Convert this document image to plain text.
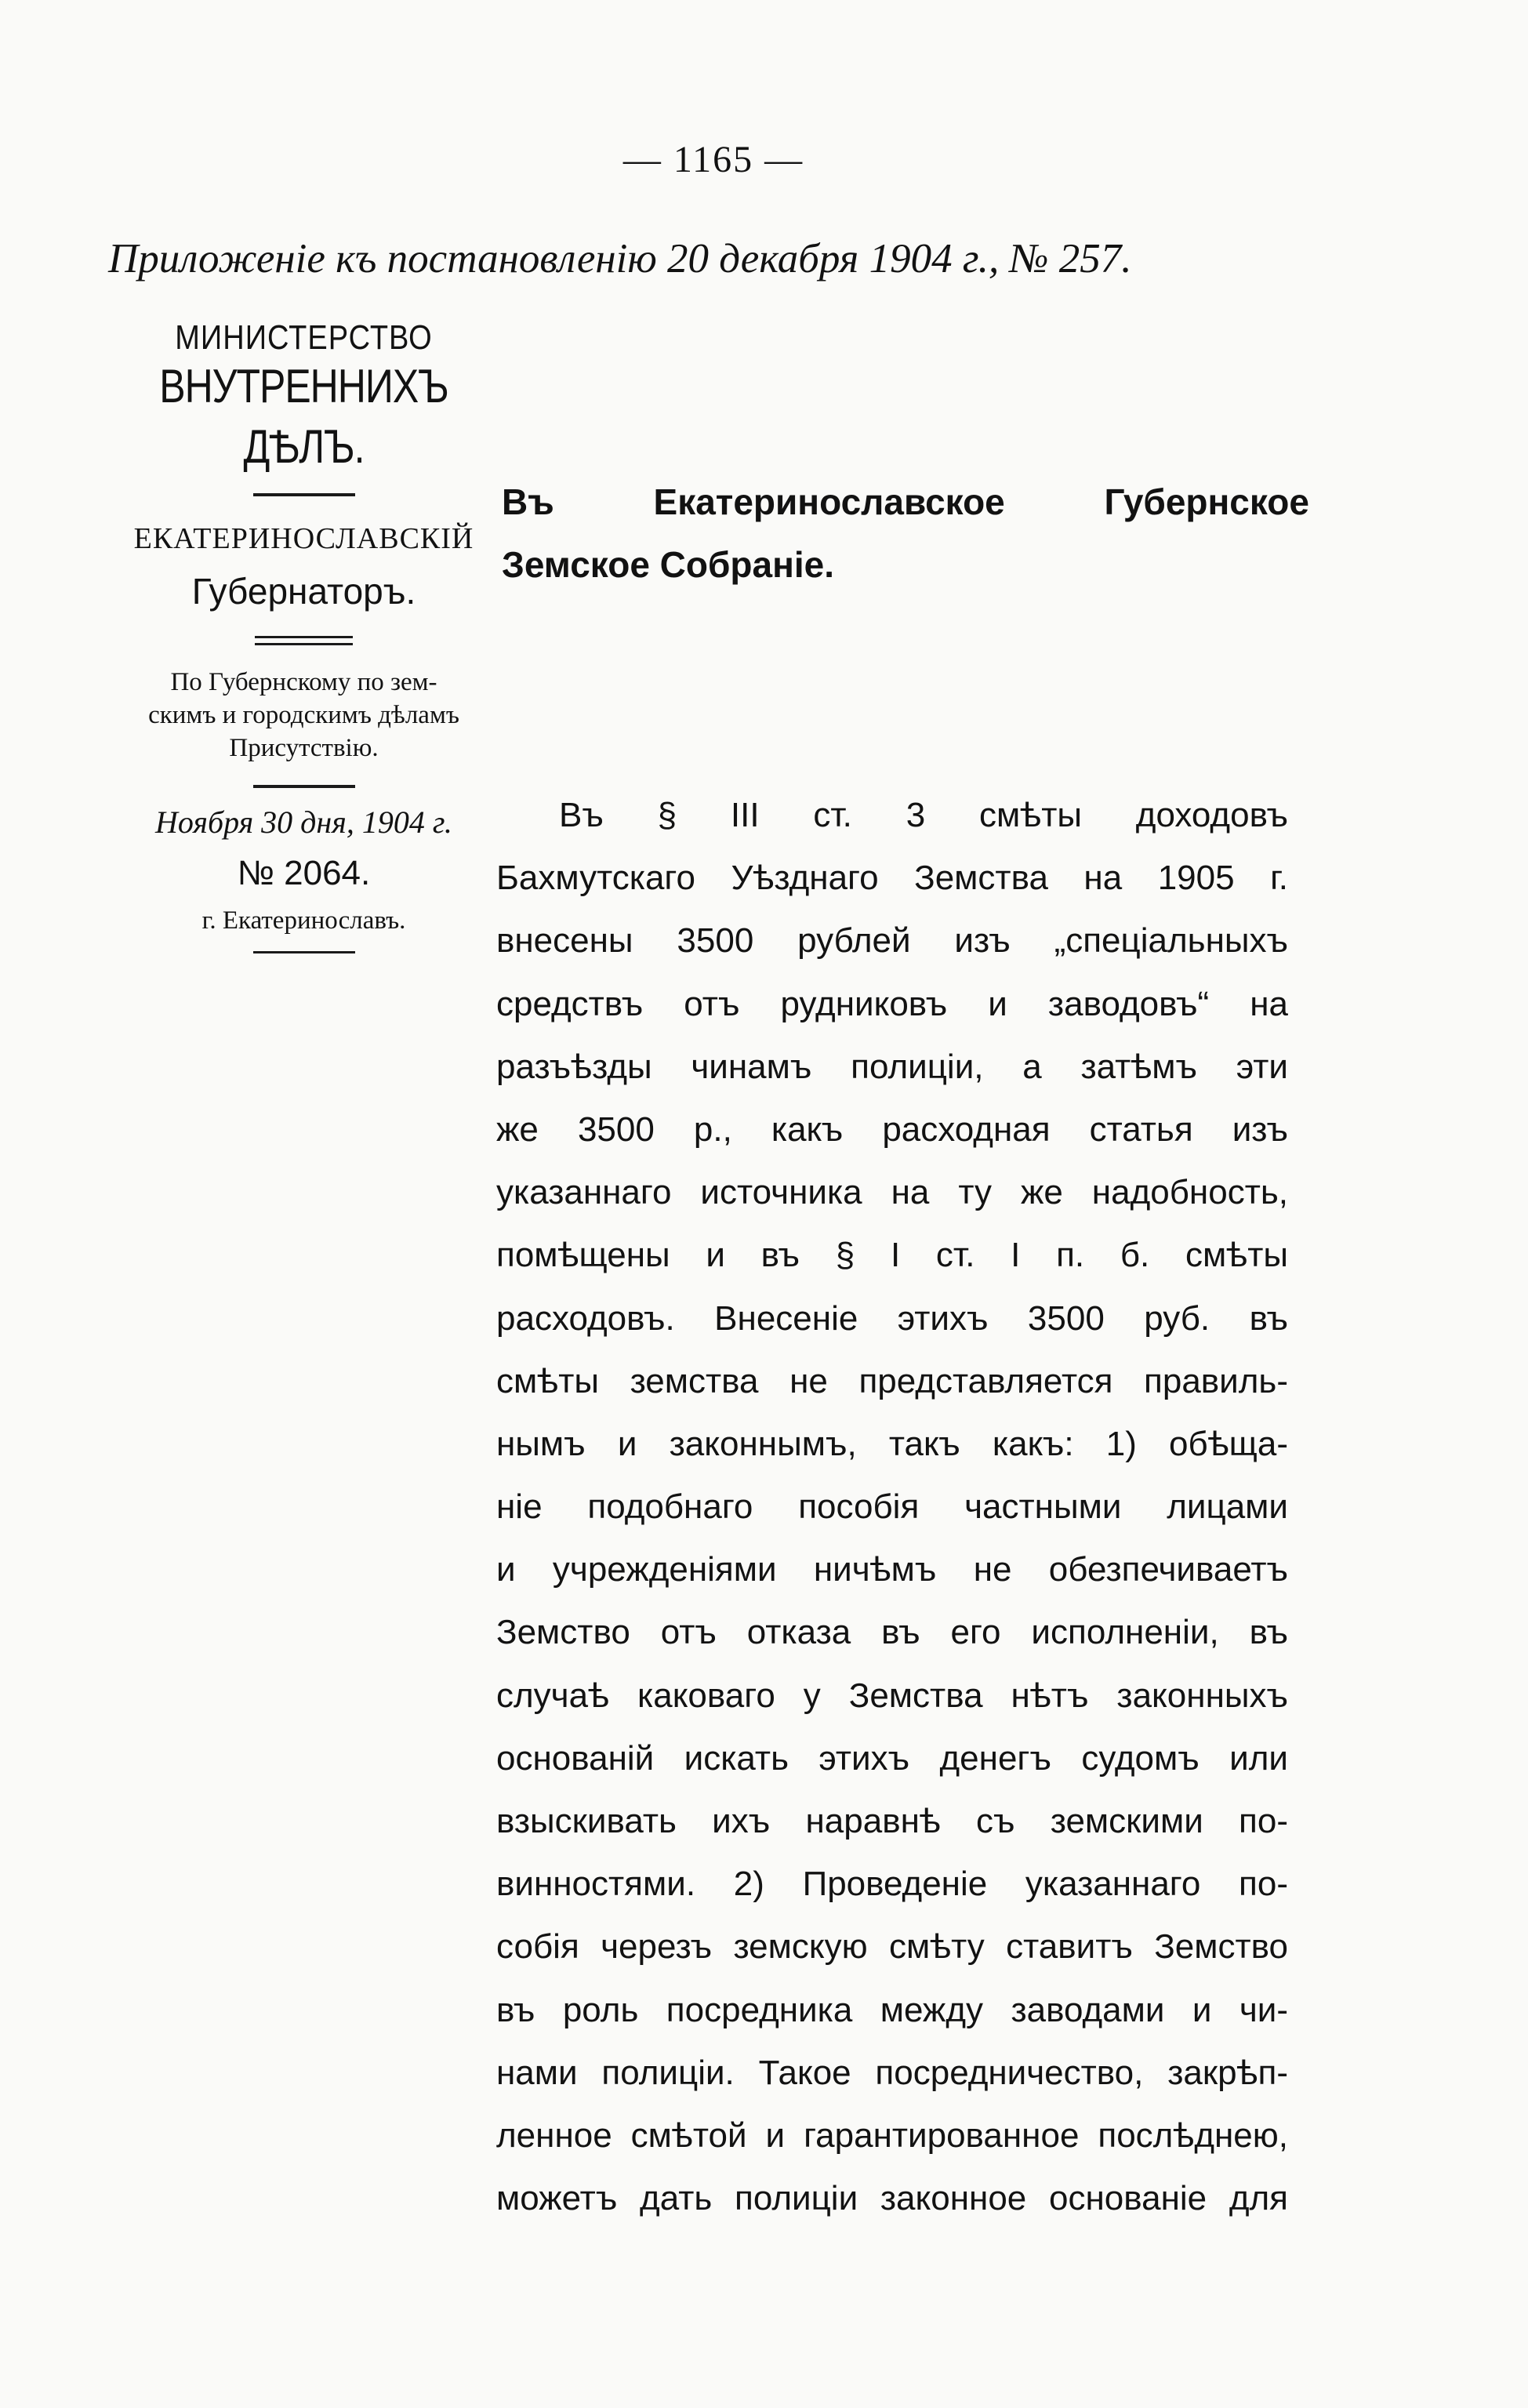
— 1165 —
Приложенiе къ постановленiю 20 декабря 1904 г., № 257.
МИНИСТЕРСТВО
ВНУТРЕННИХЪ ДѢЛЪ.
ЕКАТЕРИНОСЛАВСКIЙ
Губернаторъ.
По Губернскому по зем-
скимъ и городскимъ дѣламъ
Присутствiю.
Ноября 30 дня, 1904 г.
№ 2064.
г. Екатеринославъ.
Въ Екатеринославское Губернское
Земское Собранiе.
Въ § III ст. 3 смѣты доходовъ
Бахмутскаго Уѣзднаго Земства на 1905 г.
внесены 3500 рублей изъ „спецiальныхъ
средствъ отъ рудниковъ и заводовъ“ на
разъѣзды чинамъ полицiи, а затѣмъ эти
же 3500 р., какъ расходная статья изъ
указаннаго источника на ту же надобность,
помѣщены и въ § I ст. I п. б. смѣты
расходовъ. Внесенiе этихъ 3500 руб. въ
смѣты земства не представляется правиль-
нымъ и законнымъ, такъ какъ: 1) обѣща-
нiе подобнаго пособiя частными лицами
и учрежденiями ничѣмъ не обезпечиваетъ
Земство отъ отказа въ его исполненiи, въ
случаѣ каковаго у Земства нѣтъ законныхъ
основанiй искать этихъ денегъ судомъ или
взыскивать ихъ наравнѣ съ земскими по-
винностями. 2) Проведенiе указаннаго по-
собiя черезъ земскую смѣту ставитъ Земство
въ роль посредника между заводами и чи-
нами полицiи. Такое посредничество, закрѣп-
ленное смѣтой и гарантированное послѣднею,
можетъ дать полицiи законное основанiе для
